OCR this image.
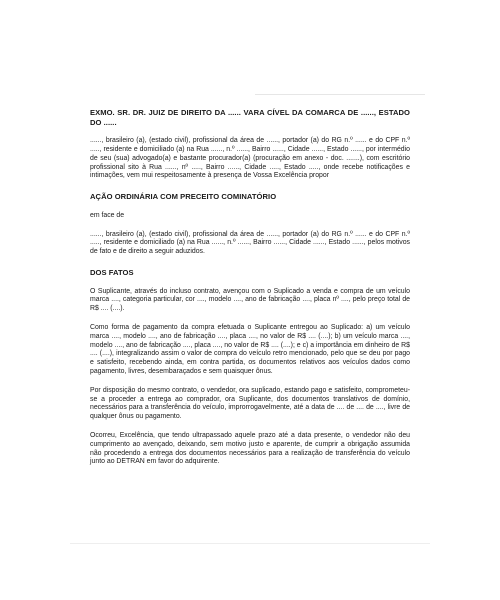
EXMO. SR. DR. JUIZ DE DIREITO DA ...... VARA CÍVEL DA COMARCA DE ......, ESTADO DO ......

......, brasileiro (a), (estado civil), profissional da área de ......, portador (a) do RG n.º ...... e do CPF n.º ....., residente e domiciliado (a) na Rua ......, n.º ......, Bairro ......, Cidade ......, Estado ......, por intermédio de seu (sua) advogado(a) e bastante procurador(a) (procuração em anexo - doc. .......), com escritório profissional sito à Rua ......, nº ....., Bairro ......, Cidade ....., Estado ....., onde recebe notificações e intimações, vem mui respeitosamente à presença de Vossa Excelência propor

AÇÃO ORDINÁRIA COM PRECEITO COMINATÓRIO

em face de

......, brasileiro (a), (estado civil), profissional da área de ......, portador (a) do RG n.º ...... e do CPF n.º ....., residente e domiciliado (a) na Rua ......, n.º ......, Bairro ......, Cidade ......, Estado ......, pelos motivos de fato e de direito a seguir aduzidos.

DOS FATOS

O Suplicante, através do incluso contrato, avençou com o Suplicado a venda e compra de um veículo marca ...., categoria particular, cor ...., modelo ...., ano de fabricação ...., placa nº ...., pelo preço total de R$ .... (....).

Como forma de pagamento da compra efetuada o Suplicante entregou ao Suplicado: a) um veículo marca ...., modelo ...., ano de fabricação ...., placa ...., no valor de R$ .... (....); b) um veículo marca ...., modelo ...., ano de fabricação ...., placa ...., no valor de R$ .... (....); e c) a importância em dinheiro de R$ .... (....), integralizando assim o valor de compra do veículo retro mencionado, pelo que se deu por pago e satisfeito, recebendo ainda, em contra partida, os documentos relativos aos veículos dados como pagamento, livres, desembaraçados e sem quaisquer ônus.

Por disposição do mesmo contrato, o vendedor, ora suplicado, estando pago e satisfeito, comprometeu-se a proceder a entrega ao comprador, ora Suplicante, dos documentos translativos de domínio, necessários para a transferência do veículo, improrrogavelmente, até a data de .... de .... de ...., livre de qualquer ônus ou pagamento.

Ocorreu, Excelência, que tendo ultrapassado aquele prazo até a data presente, o vendedor não deu cumprimento ao avençado, deixando, sem motivo justo e aparente, de cumprir a obrigação assumida não procedendo a entrega dos documentos necessários para a realização de transferência do veículo junto ao DETRAN em favor do adquirente.
